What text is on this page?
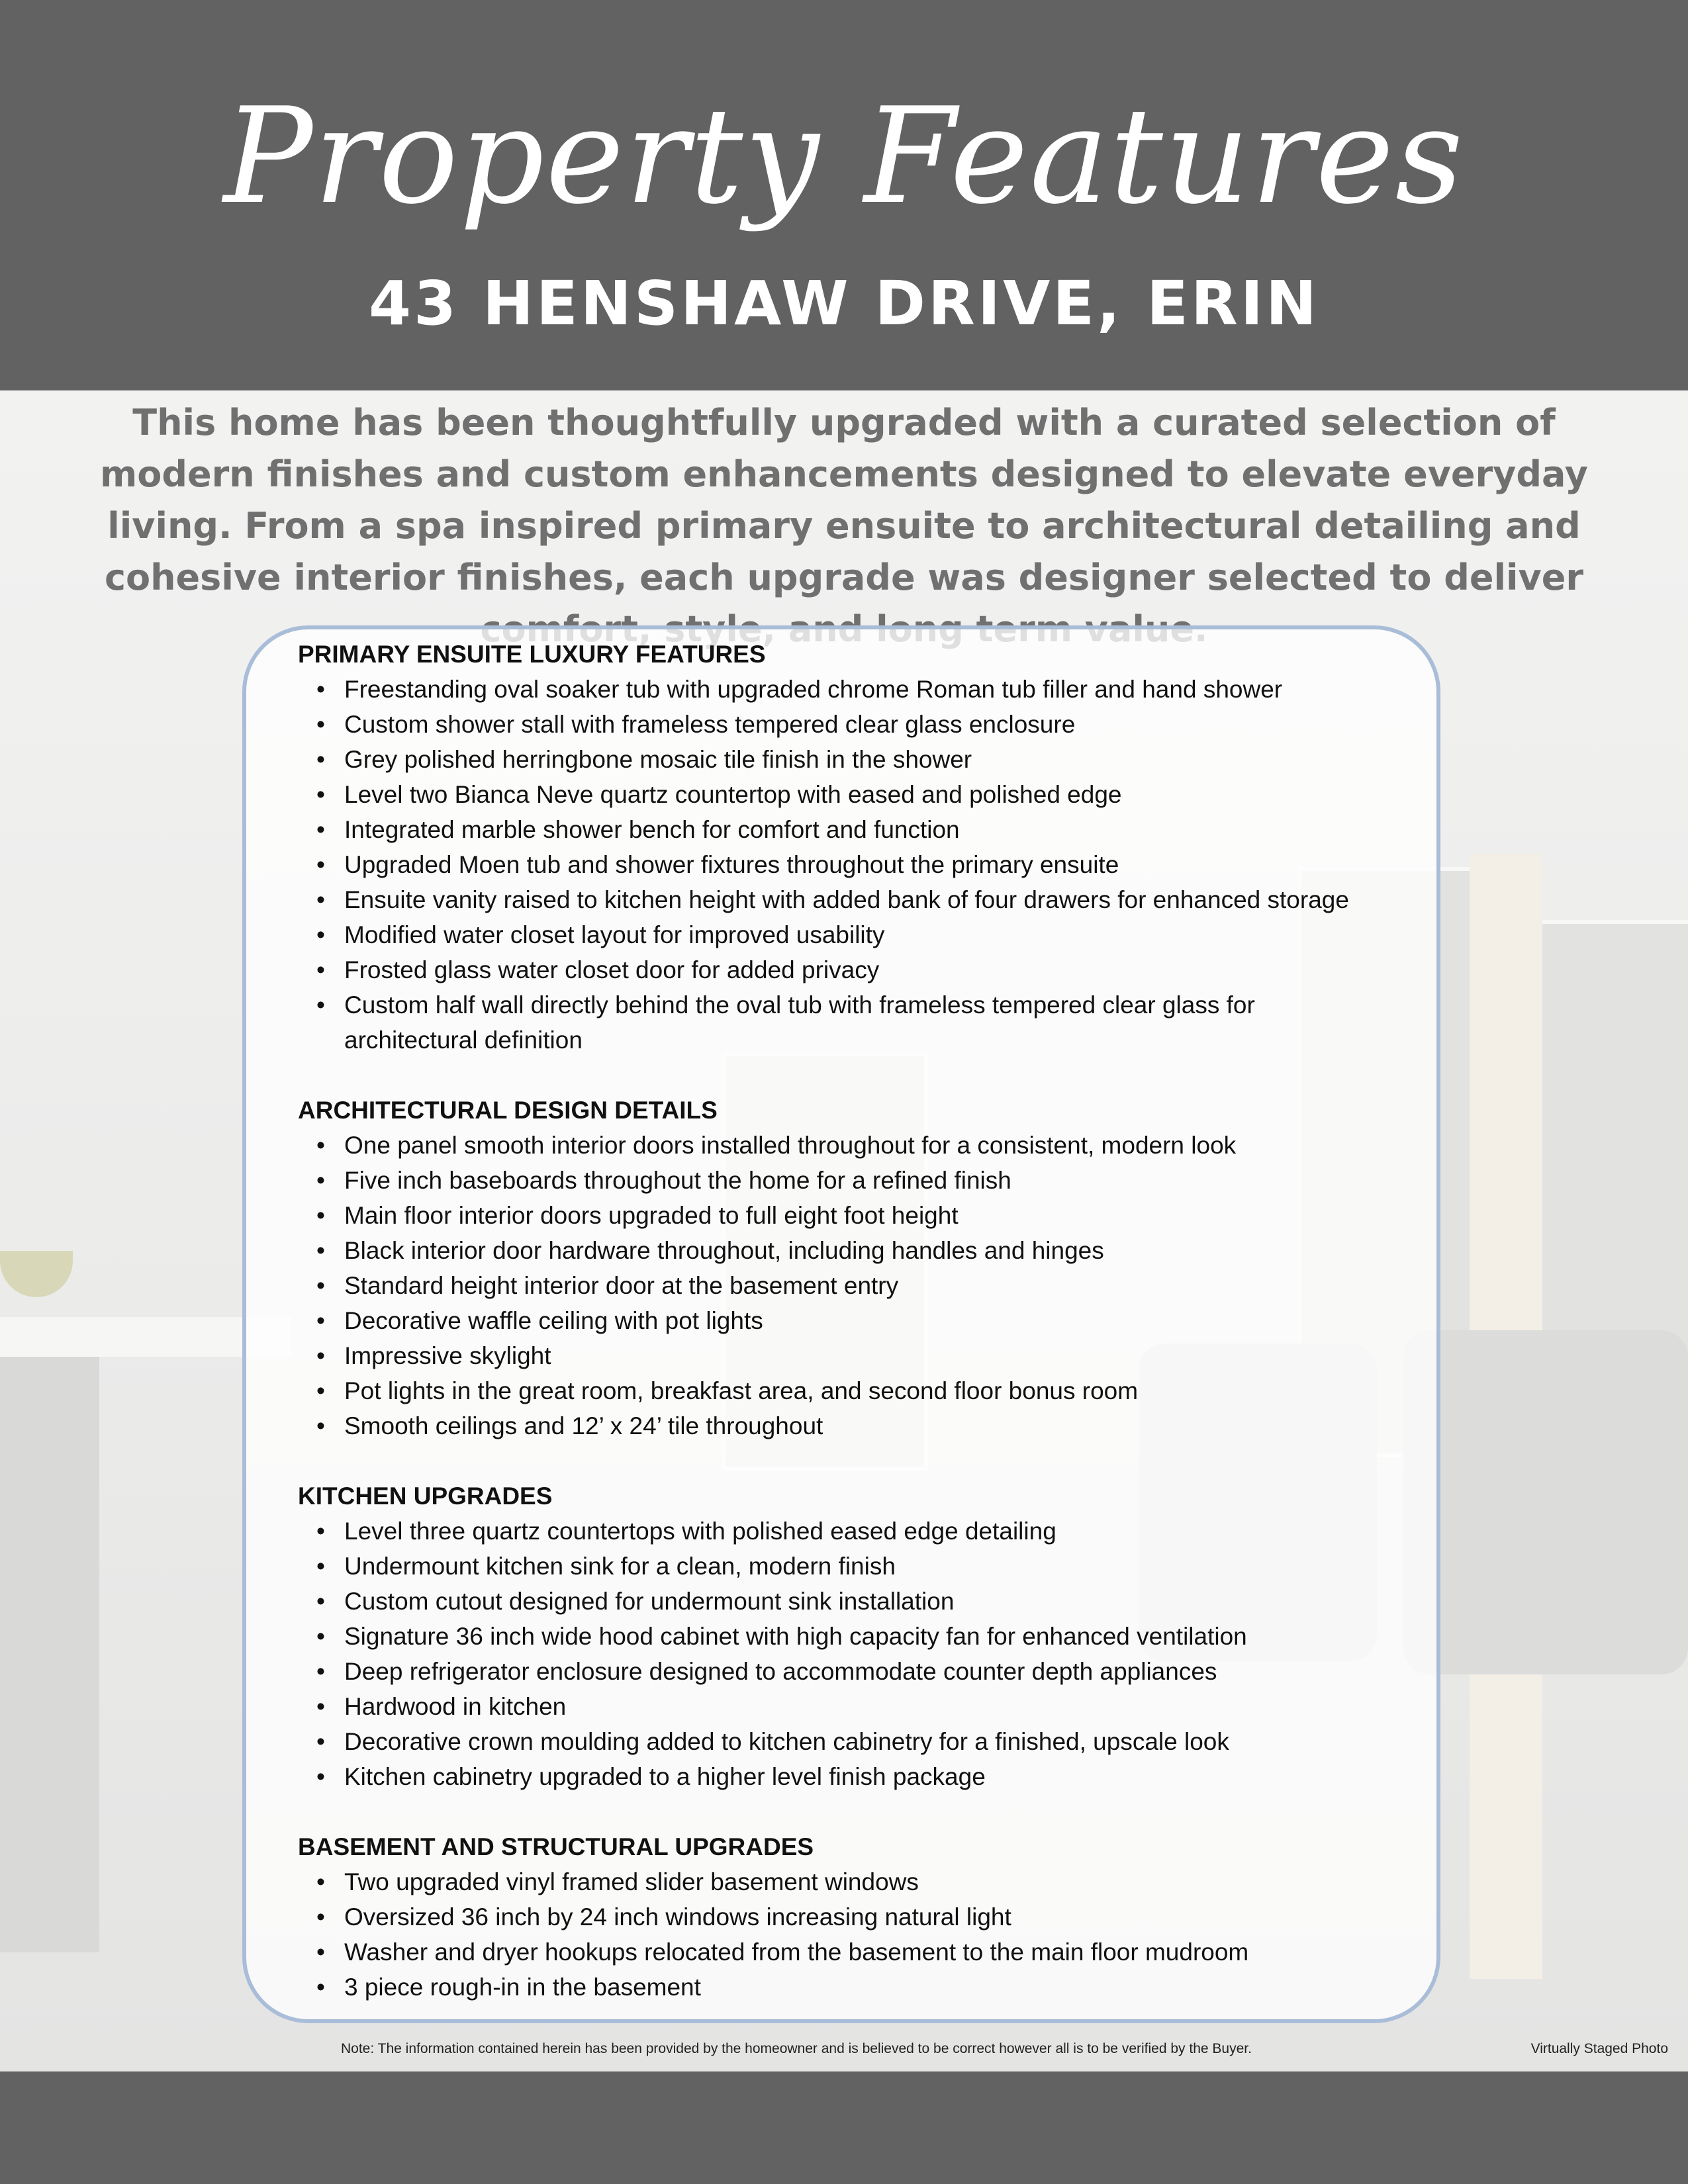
Property Features
43 HENSHAW DRIVE, ERIN

This home has been thoughtfully upgraded with a curated selection of modern finishes and custom enhancements designed to elevate everyday living. From a spa inspired primary ensuite to architectural detailing and cohesive interior finishes, each upgrade was designer selected to deliver

PRIMARY ENSUITE LUXURY FEATURES

• Freestanding oval soaker tub with upgraded chrome Roman tub filler and hand shower
• Custom shower stall with frameless tempered clear glass enclosure
• Grey polished herringbone mosaic tile finish in the shower
• Level two Bianca Neve quartz countertop with eased and polished edge
• Integrated marble shower bench for comfort and function
• Upgraded Moen tub and shower fixtures throughout the primary ensuite
• Ensuite vanity raised to kitchen height with added bank of four drawers for enhanced storage
• Modified water closet layout for improved usability
• Frosted glass water closet door for added privacy
• Custom half wall directly behind the oval tub with frameless tempered clear glass for architectural definition

ARCHITECTURAL DESIGN DETAILS

• One panel smooth interior doors installed throughout for a consistent, modern look
• Five inch baseboards throughout the home for a refined finish
• Main floor interior doors upgraded to full eight foot height
• Black interior door hardware throughout, including handles and hinges
• Standard height interior door at the basement entry
• Decorative waffle ceiling with pot lights
• Impressive skylight
• Pot lights in the great room, breakfast area, and second floor bonus room
• Smooth ceilings and 12’ x 24’ tile throughout

KITCHEN UPGRADES

• Level three quartz countertops with polished eased edge detailing
• Undermount kitchen sink for a clean, modern finish
• Custom cutout designed for undermount sink installation
• Signature 36 inch wide hood cabinet with high capacity fan for enhanced ventilation
• Deep refrigerator enclosure designed to accommodate counter depth appliances
• Hardwood in kitchen
• Decorative crown moulding added to kitchen cabinetry for a finished, upscale look
• Kitchen cabinetry upgraded to a higher level finish package

BASEMENT AND STRUCTURAL UPGRADES

• Two upgraded vinyl framed slider basement windows
• Oversized 36 inch by 24 inch windows increasing natural light
• Washer and dryer hookups relocated from the basement to the main floor mudroom
• 3 piece rough-in in the basement
Note: The information contained herein has been provided by the homeowner and is believed to be correct however all is to be verified by the Buyer.	Virtually Staged Photo
